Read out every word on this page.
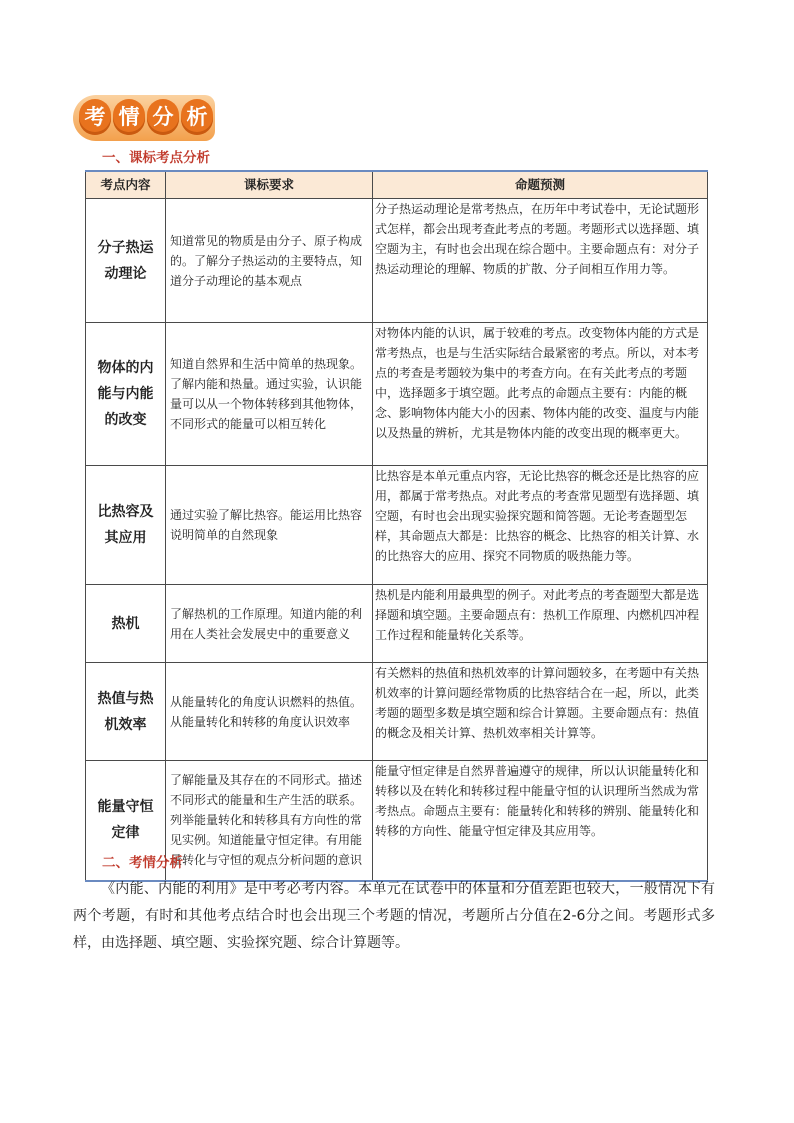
考 情 分 析
一、课标考点分析
考点内容	课标要求	命题预测
分子热运动理论	知道常见的物质是由分子、原子构成的。了解分子热运动的主要特点，知道分子动理论的基本观点	分子热运动理论是常考热点，在历年中考试卷中，无论试题形式怎样，都会出现考查此考点的考题。考题形式以选择题、填空题为主，有时也会出现在综合题中。主要命题点有：对分子热运动理论的理解、物质的扩散、分子间相互作用力等。
物体的内能与内能的改变	知道自然界和生活中简单的热现象。了解内能和热量。通过实验，认识能量可以从一个物体转移到其他物体，不同形式的能量可以相互转化	对物体内能的认识，属于较难的考点。改变物体内能的方式是常考热点，也是与生活实际结合最紧密的考点。所以，对本考点的考查是考题较为集中的考查方向。在有关此考点的考题中，选择题多于填空题。此考点的命题点主要有：内能的概念、影响物体内能大小的因素、物体内能的改变、温度与内能以及热量的辨析，尤其是物体内能的改变出现的概率更大。
比热容及其应用	通过实验了解比热容。能运用比热容说明简单的自然现象	比热容是本单元重点内容，无论比热容的概念还是比热容的应用，都属于常考热点。对此考点的考查常见题型有选择题、填空题，有时也会出现实验探究题和简答题。无论考查题型怎样，其命题点大都是：比热容的概念、比热容的相关计算、水的比热容大的应用、探究不同物质的吸热能力等。
热机	了解热机的工作原理。知道内能的利用在人类社会发展史中的重要意义	热机是内能利用最典型的例子。对此考点的考查题型大都是选择题和填空题。主要命题点有：热机工作原理、内燃机四冲程工作过程和能量转化关系等。
热值与热机效率	从能量转化的角度认识燃料的热值。从能量转化和转移的角度认识效率	有关燃料的热值和热机效率的计算问题较多，在考题中有关热机效率的计算问题经常物质的比热容结合在一起，所以，此类考题的题型多数是填空题和综合计算题。主要命题点有：热值的概念及相关计算、热机效率相关计算等。
能量守恒定律	了解能量及其存在的不同形式。描述不同形式的能量和生产生活的联系。列举能量转化和转移具有方向性的常见实例。知道能量守恒定律。有用能量转化与守恒的观点分析问题的意识	能量守恒定律是自然界普遍遵守的规律，所以认识能量转化和转移以及在转化和转移过程中能量守恒的认识理所当然成为常考热点。命题点主要有：能量转化和转移的辨别、能量转化和转移的方向性、能量守恒定律及其应用等。
二、考情分析
《内能、内能的利用》是中考必考内容。本单元在试卷中的体量和分值差距也较大，一般情况下有两个考题，有时和其他考点结合时也会出现三个考题的情况，考题所占分值在2-6分之间。考题形式多样，由选择题、填空题、实验探究题、综合计算题等。
